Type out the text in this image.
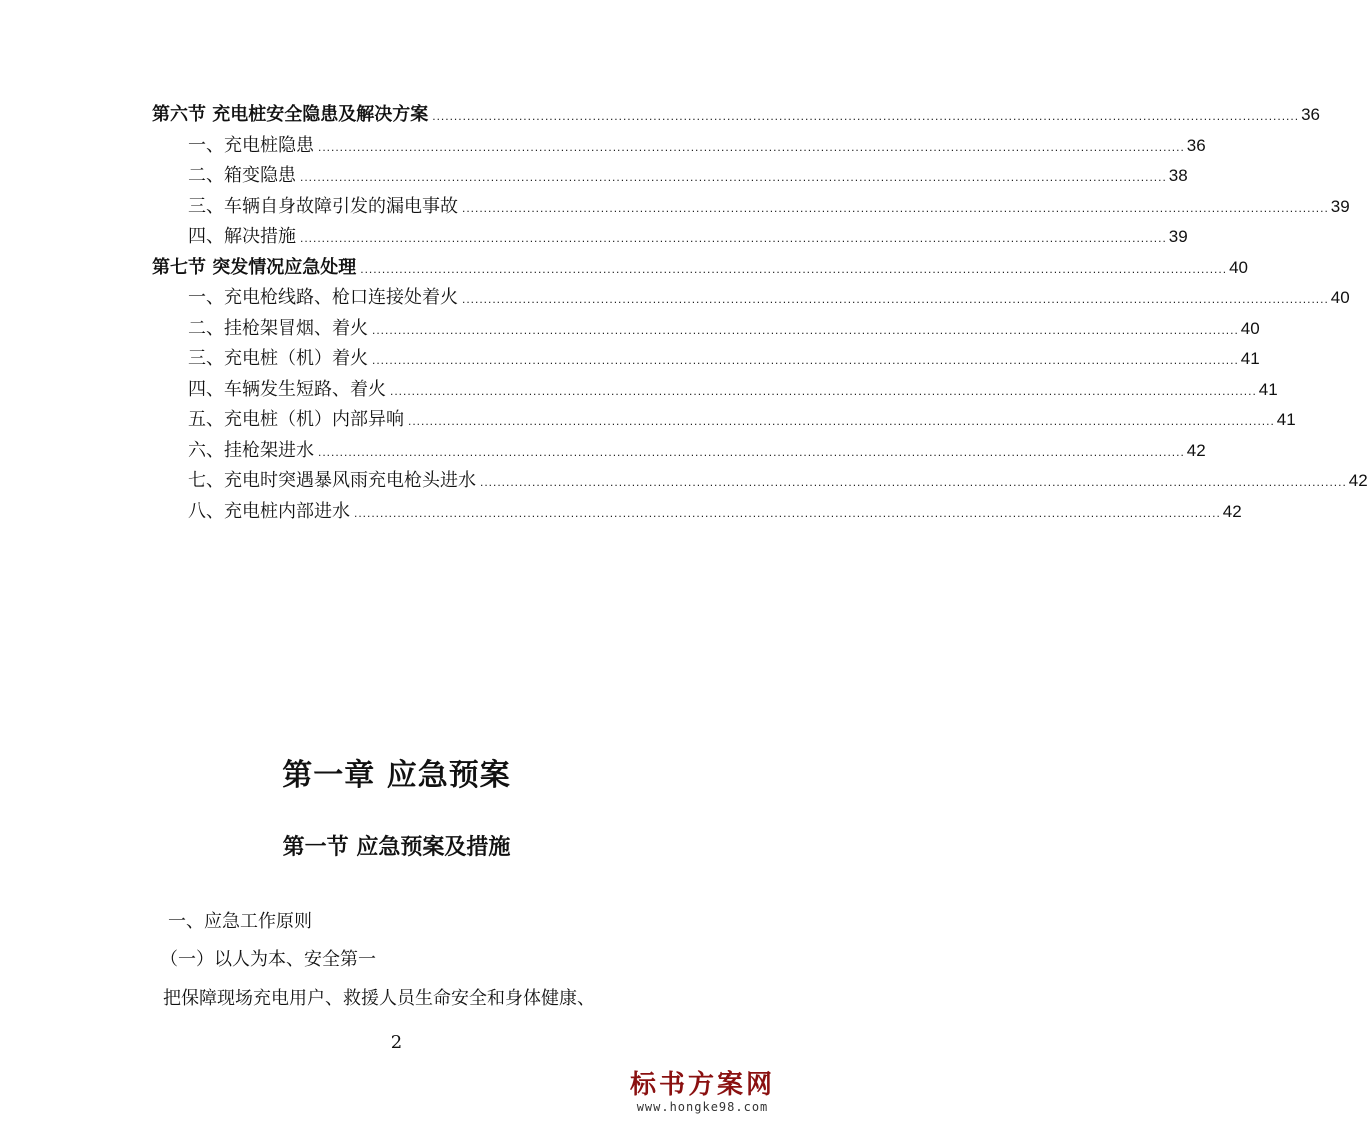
第六节 充电桩安全隐患及解决方案 ........................................................................................................................................................................................................ 36
一、充电桩隐患 ........................................................................................................................................................................................................ 36
二、箱变隐患 ........................................................................................................................................................................................................ 38
三、车辆自身故障引发的漏电事故 ........................................................................................................................................................................................................ 39
四、解决措施 ........................................................................................................................................................................................................ 39
第七节 突发情况应急处理 ........................................................................................................................................................................................................ 40
一、充电枪线路、枪口连接处着火 ........................................................................................................................................................................................................ 40
二、挂枪架冒烟、着火 ........................................................................................................................................................................................................ 40
三、充电桩（机）着火 ........................................................................................................................................................................................................ 41
四、车辆发生短路、着火 ........................................................................................................................................................................................................ 41
五、充电桩（机）内部异响 ........................................................................................................................................................................................................ 41
六、挂枪架进水 ........................................................................................................................................................................................................ 42
七、充电时突遇暴风雨充电枪头进水 ........................................................................................................................................................................................................ 42
八、充电桩内部进水 ........................................................................................................................................................................................................ 42
第一章 应急预案
第一节 应急预案及措施
一、应急工作原则
（一）以人为本、安全第一
把保障现场充电用户、救援人员生命安全和身体健康、
2
标书方案网
www.hongke98.com
